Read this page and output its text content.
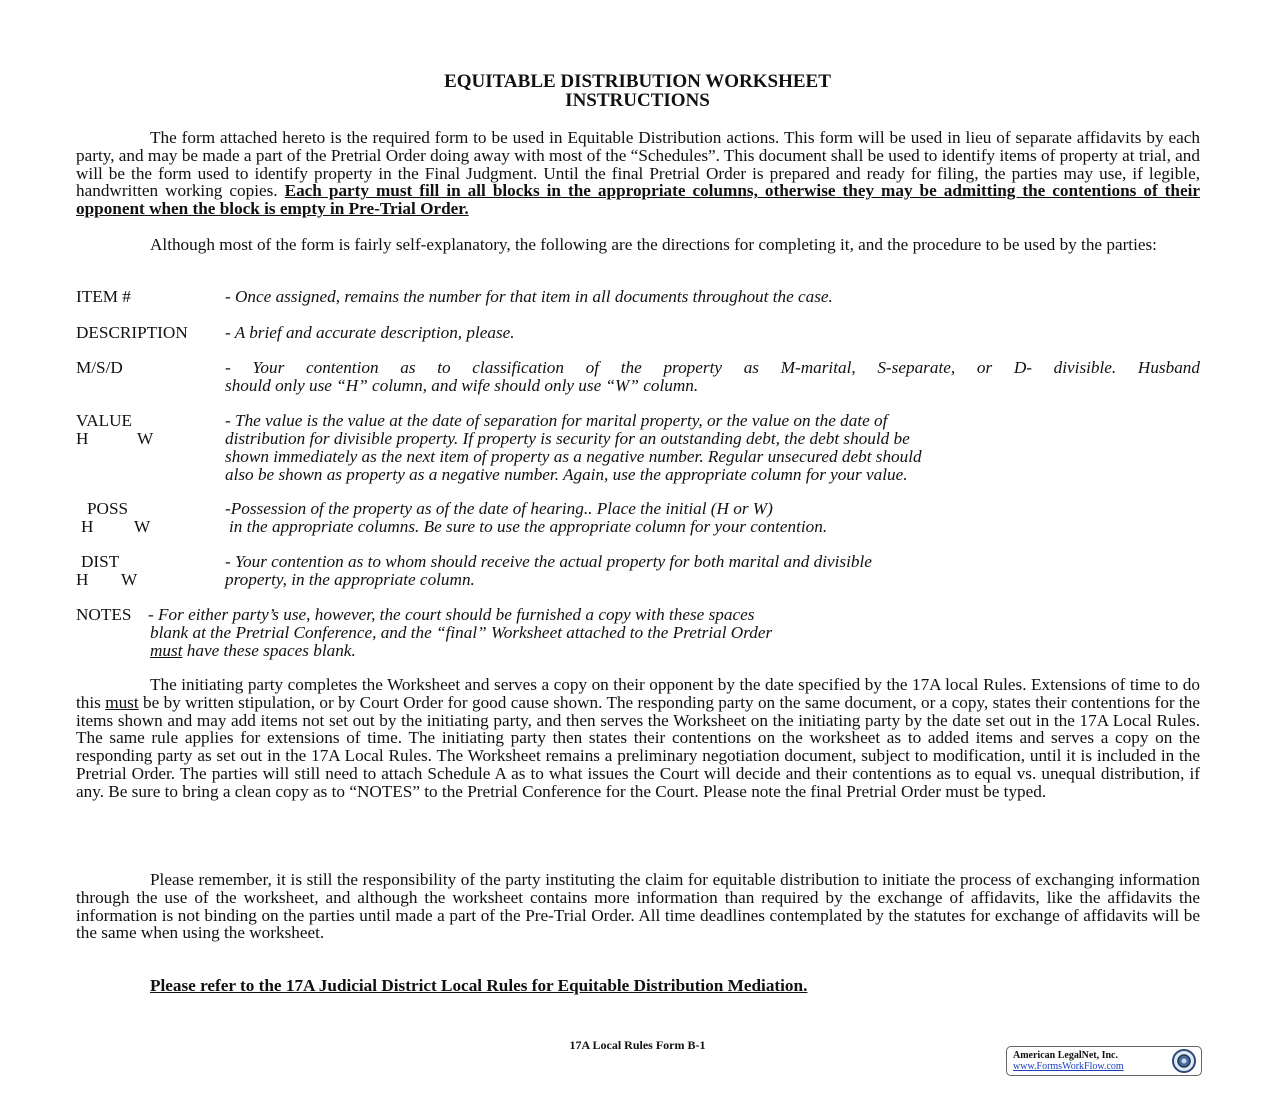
EQUITABLE DISTRIBUTION WORKSHEET
INSTRUCTIONS

The form attached hereto is the required form to be used in Equitable Distribution actions. This form will be used in lieu of separate affidavits by each party, and may be made a part of the Pretrial Order doing away with most of the “Schedules”. This document shall be used to identify items of property at trial, and will be the form used to identify property in the Final Judgment. Until the final Pretrial Order is prepared and ready for filing, the parties may use, if legible, handwritten working copies. Each party must fill in all blocks in the appropriate columns, otherwise they may be admitting the contentions of their opponent when the block is empty in Pre-Trial Order.

Although most of the form is fairly self-explanatory, the following are the directions for completing it, and the procedure to be used by the parties:

ITEM #	- Once assigned, remains the number for that item in all documents throughout the case.
DESCRIPTION - A brief and accurate description, please.
M/S/D	- Your contention as to classification of the property as M-marital, S-separate, or D- divisible. Husband
should only use “H” column, and wife should only use “W” column.
VALUE
H	W
- The value is the value at the date of separation for marital property, or the value on the date of
distribution for divisible property. If property is security for an outstanding debt, the debt should be
shown immediately as the next item of property as a negative number. Regular unsecured debt should
also be shown as property as a negative number. Again, use the appropriate column for your value.
POSS
H W
-Possession of the property as of the date of hearing.. Place the initial (H or W)
in the appropriate columns. Be sure to use the appropriate column for your contention.
DIST
H W
- Your contention as to whom should receive the actual property for both marital and divisible
property, in the appropriate column.
NOTES - For either party’s use, however, the court should be furnished a copy with these spaces
blank at the Pretrial Conference, and the “final” Worksheet attached to the Pretrial Order
must have these spaces blank.

The initiating party completes the Worksheet and serves a copy on their opponent by the date specified by the 17A local Rules. Extensions of time to do this must be by written stipulation, or by Court Order for good cause shown. The responding party on the same document, or a copy, states their contentions for the items shown and may add items not set out by the initiating party, and then serves the Worksheet on the initiating party by the date set out in the 17A Local Rules. The same rule applies for extensions of time. The initiating party then states their contentions on the worksheet as to added items and serves a copy on the responding party as set out in the 17A Local Rules. The Worksheet remains a preliminary negotiation document, subject to modification, until it is included in the Pretrial Order. The parties will still need to attach Schedule A as to what issues the Court will decide and their contentions as to equal vs. unequal distribution, if any. Be sure to bring a clean copy as to “NOTES” to the Pretrial Conference for the Court. Please note the final Pretrial Order must be typed.

Please remember, it is still the responsibility of the party instituting the claim for equitable distribution to initiate the process of exchanging information through the use of the worksheet, and although the worksheet contains more information than required by the exchange of affidavits, like the affidavits the information is not binding on the parties until made a part of the Pre-Trial Order. All time deadlines contemplated by the statutes for exchange of affidavits will be the same when using the worksheet.

Please refer to the 17A Judicial District Local Rules for Equitable Distribution Mediation.
17A Local Rules Form B-1
American LegalNet, Inc.
www.FormsWorkFlow.com
